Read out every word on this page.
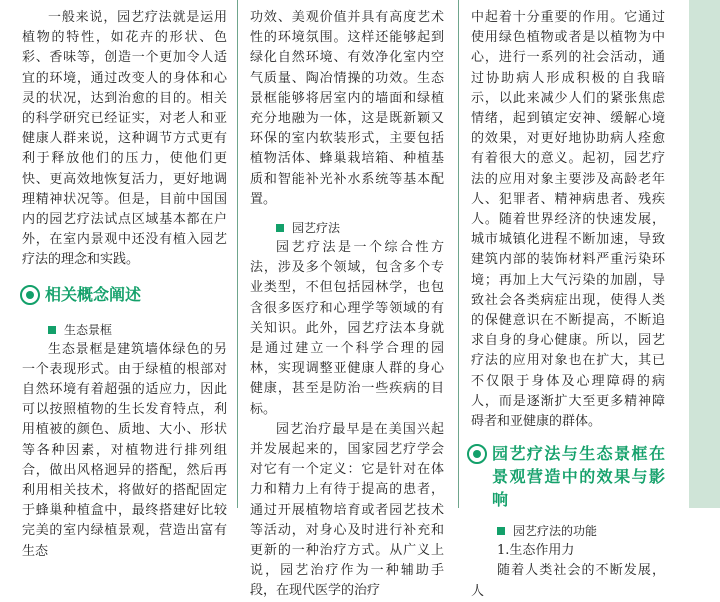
一般来说，园艺疗法就是运用植物的特性，如花卉的形状、色彩、香味等，创造一个更加令人适宜的环境，通过改变人的身体和心灵的状况，达到治愈的目的。相关的科学研究已经证实，对老人和亚健康人群来说，这种调节方式更有利于释放他们的压力，使他们更快、更高效地恢复活力，更好地调理精神状况等。但是，目前中国国内的园艺疗法试点区域基本都在户外，在室内景观中还没有植入园艺疗法的理念和实践。

相关概念阐述
生态景框

生态景框是建筑墙体绿色的另一个表现形式。由于绿植的根部对自然环境有着超强的适应力，因此可以按照植物的生长发育特点，利用植被的颜色、质地、大小、形状等各种因素，对植物进行排列组合，做出风格迥异的搭配，然后再利用相关技术，将做好的搭配固定于蜂巢种植盒中，最终搭建好比较完美的室内绿植景观，营造出富有生态

功效、美观价值并具有高度艺术性的环境氛围。这样还能够起到绿化自然环境、有效净化室内空气质量、陶冶情操的功效。生态景框能够将居室内的墙面和绿植充分地融为一体，这是既新颖又环保的室内软装形式，主要包括植物活体、蜂巢栽培箱、种植基质和智能补光补水系统等基本配置。

园艺疗法

园艺疗法是一个综合性方法，涉及多个领域，包含多个专业类型，不但包括园林学，也包含很多医疗和心理学等领域的有关知识。此外，园艺疗法本身就是通过建立一个科学合理的园林，实现调整亚健康人群的身心健康，甚至是防治一些疾病的目标。

园艺治疗最早是在美国兴起并发展起来的，国家园艺疗学会对它有一个定义：它是针对在体力和精力上有待于提高的患者，通过开展植物培育或者园艺技术等活动，对身心及时进行补充和更新的一种治疗方式。从广义上说，园艺治疗作为一种辅助手段，在现代医学的治疗

中起着十分重要的作用。它通过使用绿色植物或者是以植物为中心，进行一系列的社会活动，通过协助病人形成积极的自我暗示，以此来减少人们的紧张焦虑情绪，起到镇定安神、缓解心境的效果，对更好地协助病人痊愈有着很大的意义。起初，园艺疗法的应用对象主要涉及高龄老年人、犯罪者、精神病患者、残疾人。随着世界经济的快速发展，城市城镇化进程不断加速，导致建筑内部的装饰材料严重污染环境；再加上大气污染的加剧，导致社会各类病症出现，使得人类的保健意识在不断提高，不断追求自身的身心健康。所以，园艺疗法的应用对象也在扩大，其已不仅限于身体及心理障碍的病人，而是逐渐扩大至更多精神障碍者和亚健康的群体。

园艺疗法与生态景框在景观营造中的效果与影响
园艺疗法的功能

1.生态作用力

随着人类社会的不断发展，人
